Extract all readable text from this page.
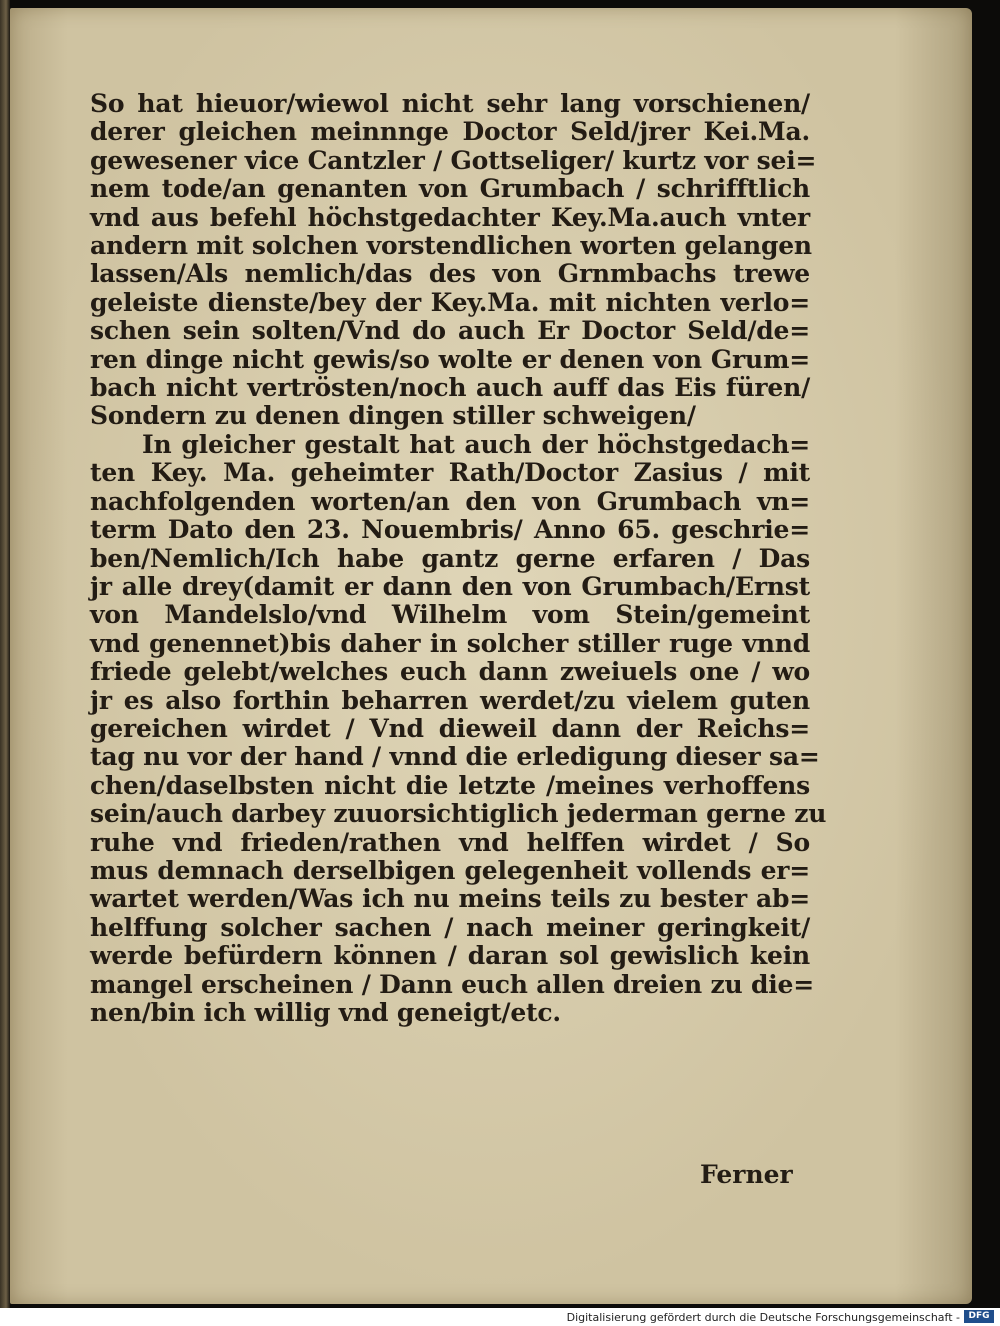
So hat hieuor/wiewol nicht sehr lang vorschienen/
derer gleichen meinnnge Doctor Seld/jrer Kei.Ma.
gewesener vice Cantzler / Gottseliger/ kurtz vor sei=
nem tode/an genanten von Grumbach / schrifftlich
vnd aus befehl höchstgedachter Key.Ma.auch vnter
andern mit solchen vorstendlichen worten gelangen
lassen/Als nemlich/das des von Grnmbachs trewe
geleiste dienste/bey der Key.Ma. mit nichten verlo=
schen sein solten/Vnd do auch Er Doctor Seld/de=
ren dinge nicht gewis/so wolte er denen von Grum=
bach nicht vertrösten/noch auch auff das Eis füren/
Sondern zu denen dingen stiller schweigen/
In gleicher gestalt hat auch der höchstgedach=
ten Key. Ma. geheimter Rath/Doctor Zasius / mit
nachfolgenden worten/an den von Grumbach vn=
term Dato den 23. Nouembris/ Anno 65. geschrie=
ben/Nemlich/Ich habe gantz gerne erfaren / Das
jr alle drey(damit er dann den von Grumbach/Ernst
von Mandelslo/vnd Wilhelm vom Stein/gemeint
vnd genennet)bis daher in solcher stiller ruge vnnd
friede gelebt/welches euch dann zweiuels one / wo
jr es also forthin beharren werdet/zu vielem guten
gereichen wirdet / Vnd dieweil dann der Reichs=
tag nu vor der hand / vnnd die erledigung dieser sa=
chen/daselbsten nicht die letzte /meines verhoffens
sein/auch darbey zuuorsichtiglich jederman gerne zu
ruhe vnd frieden/rathen vnd helffen wirdet / So
mus demnach derselbigen gelegenheit vollends er=
wartet werden/Was ich nu meins teils zu bester ab=
helffung solcher sachen / nach meiner geringkeit/
werde befürdern können / daran sol gewislich kein
mangel erscheinen / Dann euch allen dreien zu die=
nen/bin ich willig vnd geneigt/etc.
Ferner
Digitalisierung gefördert durch die Deutsche Forschungsgemeinschaft - DFG
